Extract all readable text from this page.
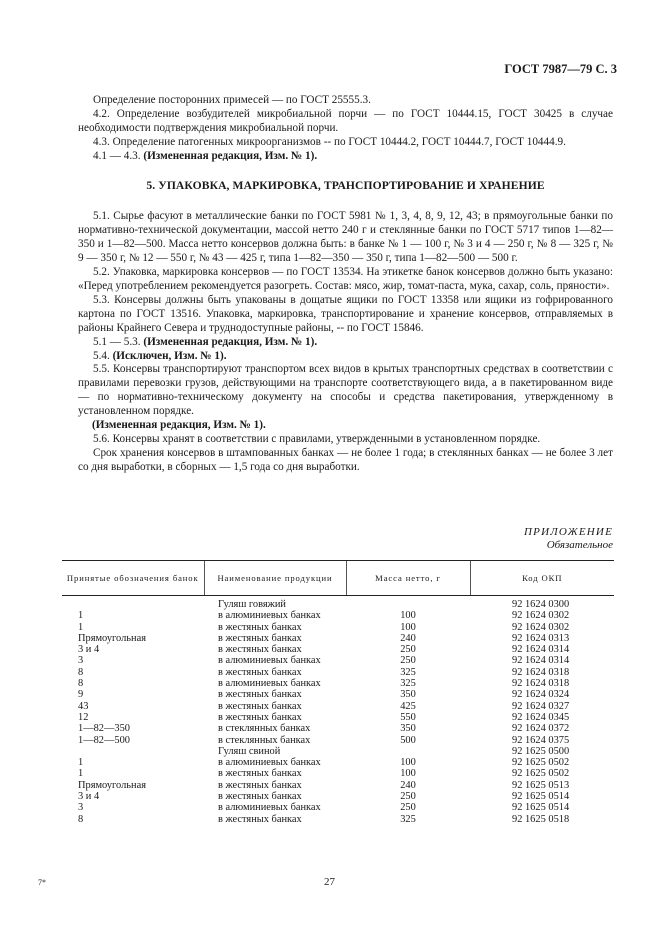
ГОСТ 7987—79 С. 3

Определение посторонних примесей — по ГОСТ 25555.3.

4.2. Определение возбудителей микробиальной порчи — по ГОСТ 10444.15, ГОСТ 30425 в случае необходимости подтверждения микробиальной порчи.

4.3. Определение патогенных микроорганизмов -- по ГОСТ 10444.2, ГОСТ 10444.7, ГОСТ 10444.9.

4.1 — 4.3. (Измененная редакция, Изм. № 1).

5. УПАКОВКА, МАРКИРОВКА, ТРАНСПОРТИРОВАНИЕ И ХРАНЕНИЕ

5.1. Сырье фасуют в металлические банки по ГОСТ 5981 № 1, 3, 4, 8, 9, 12, 43; в прямоугольные банки по нормативно-технической документации, массой нетто 240 г и стеклянные банки по ГОСТ 5717 типов 1—82—350 и 1—82—500. Масса нетто консервов должна быть: в банке № 1 — 100 г, № 3 и 4 — 250 г, № 8 — 325 г, № 9 — 350 г, № 12 — 550 г, № 43 — 425 г, типа 1—82—350 — 350 г, типа 1—82—500 — 500 г.

5.2. Упаковка, маркировка консервов — по ГОСТ 13534. На этикетке банок консервов должно быть указано: «Перед употреблением рекомендуется разогреть. Состав: мясо, жир, томат-паста, мука, сахар, соль, пряности».

5.3. Консервы должны быть упакованы в дощатые ящики по ГОСТ 13358 или ящики из гофрированного картона по ГОСТ 13516. Упаковка, маркировка, транспортирование и хранение консервов, отправляемых в районы Крайнего Севера и труднодоступные районы, -- по ГОСТ 15846.

5.1 — 5.3. (Измененная редакция, Изм. № 1).

5.4. (Исключен, Изм. № 1).

5.5. Консервы транспортируют транспортом всех видов в крытых транспортных средствах в соответствии с правилами перевозки грузов, действующими на транспорте соответствующего вида, а в пакетированном виде — по нормативно-техническому документу на способы и средства пакетирования, утвержденному в установленном порядке.

(Измененная редакция, Изм. № 1).

5.6. Консервы хранят в соответствии с правилами, утвержденными в установленном порядке.

Срок хранения консервов в штампованных банках — не более 1 года; в стеклянных банках — не более 3 лет со дня выработки, в сборных — 1,5 года со дня выработки.

ПРИЛОЖЕНИЕ
Обязательное
Принятые обозначения банок	Наименование продукции	Масса нетто, г	Код ОКП
	Гуляш говяжий		92 1624 0300
1	в алюминиевых банках	100	92 1624 0302
1	в жестяных банках	100	92 1624 0302
Прямоугольная	в жестяных банках	240	92 1624 0313
3 и 4	в жестяных банках	250	92 1624 0314
3	в алюминиевых банках	250	92 1624 0314
8	в жестяных банках	325	92 1624 0318
8	в алюминиевых банках	325	92 1624 0318
9	в жестяных банках	350	92 1624 0324
43	в жестяных банках	425	92 1624 0327
12	в жестяных банках	550	92 1624 0345
1—82—350	в стеклянных банках	350	92 1624 0372
1—82—500	в стеклянных банках	500	92 1624 0375
	Гуляш свиной		92 1625 0500
1	в алюминиевых банках	100	92 1625 0502
1	в жестяных банках	100	92 1625 0502
Прямоугольная	в жестяных банках	240	92 1625 0513
3 и 4	в жестяных банках	250	92 1625 0514
3	в алюминиевых банках	250	92 1625 0514
8	в жестяных банках	325	92 1625 0518
7*	27
